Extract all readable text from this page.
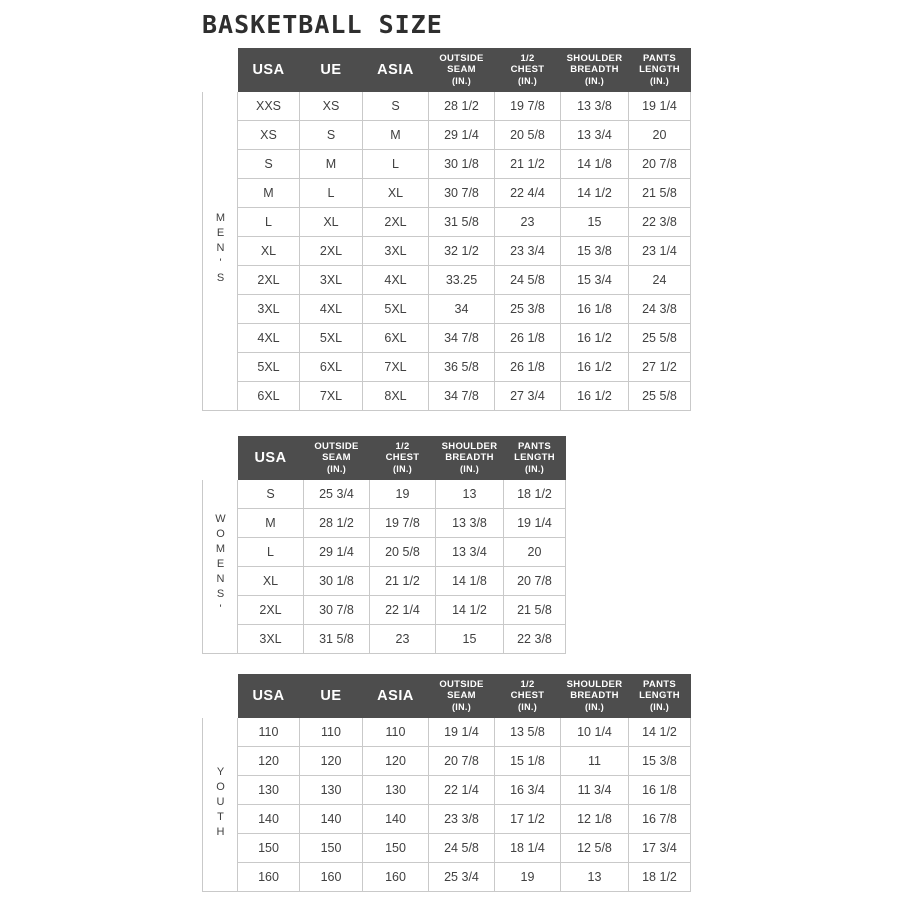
BASKETBALL SIZE
	USA	UE	ASIA	OUTSIDE
SEAM
(IN.)	1/2
CHEST
(IN.)	SHOULDER
BREADTH
(IN.)	PANTS
LENGTH
(IN.)

MEN'S	XXS	XS	S	28 1/2	19 7/8	13 3/8	19 1/4
	XS	S	M	29 1/4	20 5/8	13 3/4	20
	S	M	L	30 1/8	21 1/2	14 1/8	20 7/8
	M	L	XL	30 7/8	22 4/4	14 1/2	21 5/8
	L	XL	2XL	31 5/8	23	15	22 3/8
	XL	2XL	3XL	32 1/2	23 3/4	15 3/8	23 1/4
	2XL	3XL	4XL	33.25	24 5/8	15 3/4	24
	3XL	4XL	5XL	34	25 3/8	16 1/8	24 3/8
	4XL	5XL	6XL	34 7/8	26 1/8	16 1/2	25 5/8
	5XL	6XL	7XL	36 5/8	26 1/8	16 1/2	27 1/2
	6XL	7XL	8XL	34 7/8	27 3/4	16 1/2	25 5/8
	USA	OUTSIDE
SEAM
(IN.)	1/2
CHEST
(IN.)	SHOULDER
BREADTH
(IN.)	PANTS
LENGTH
(IN.)

WOMENS'	S	25 3/4	19	13	18 1/2
	M	28 1/2	19 7/8	13 3/8	19 1/4
	L	29 1/4	20 5/8	13 3/4	20
	XL	30 1/8	21 1/2	14 1/8	20 7/8
	2XL	30 7/8	22 1/4	14 1/2	21 5/8
	3XL	31 5/8	23	15	22 3/8
	USA	UE	ASIA	OUTSIDE
SEAM
(IN.)	1/2
CHEST
(IN.)	SHOULDER
BREADTH
(IN.)	PANTS
LENGTH
(IN.)

YOUTH	110	110	110	19 1/4	13 5/8	10 1/4	14 1/2
	120	120	120	20 7/8	15 1/8	11	15 3/8
	130	130	130	22 1/4	16 3/4	11 3/4	16 1/8
	140	140	140	23 3/8	17 1/2	12 1/8	16 7/8
	150	150	150	24 5/8	18 1/4	12 5/8	17 3/4
	160	160	160	25 3/4	19	13	18 1/2
